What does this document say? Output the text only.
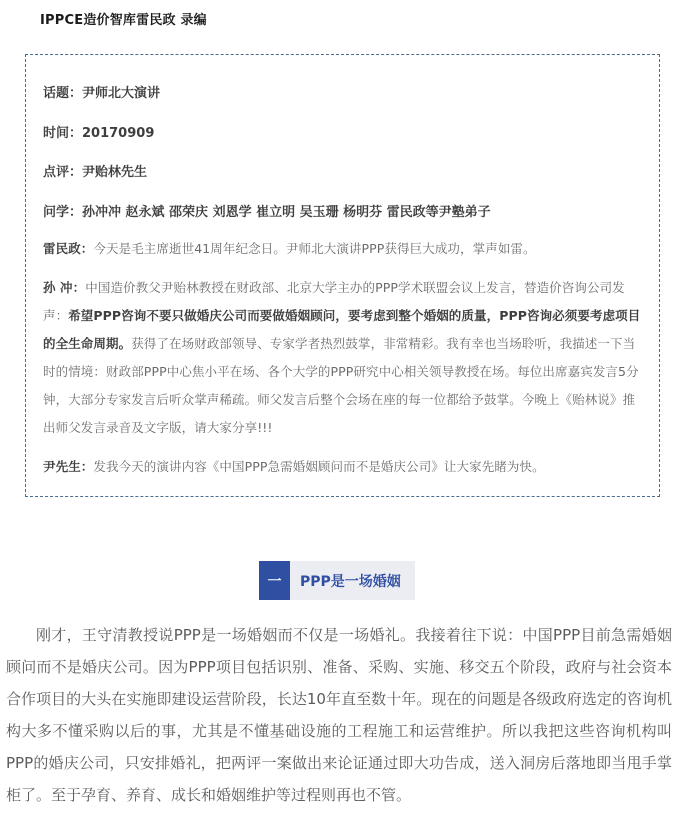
IPPCE造价智库雷民政 录编
话题：尹师北大演讲
时间：20170909
点评：尹贻林先生
问学：孙冲冲 赵永斌 邵荣庆 刘恩学 崔立明 吴玉珊 杨明芬 雷民政等尹塾弟子
雷民政：今天是毛主席逝世41周年纪念日。尹师北大演讲PPP获得巨大成功，掌声如雷。
孙 冲：中国造价教父尹贻林教授在财政部、北京大学主办的PPP学术联盟会议上发言，替造价咨询公司发声：希望PPP咨询不要只做婚庆公司而要做婚姻顾问，要考虑到整个婚姻的质量，PPP咨询必须要考虑项目的全生命周期。获得了在场财政部领导、专家学者热烈鼓掌，非常精彩。我有幸也当场聆听，我描述一下当时的情境：财政部PPP中心焦小平在场、各个大学的PPP研究中心相关领导教授在场。每位出席嘉宾发言5分钟，大部分专家发言后听众掌声稀疏。师父发言后整个会场在座的每一位都给予鼓掌。今晚上《贻林说》推出师父发言录音及文字版，请大家分享!!!
尹先生：发我今天的演讲内容《中国PPP急需婚姻顾问而不是婚庆公司》让大家先睹为快。
一	PPP是一场婚姻

刚才，王守清教授说PPP是一场婚姻而不仅是一场婚礼。我接着往下说：中国PPP目前急需婚姻顾问而不是婚庆公司。因为PPP项目包括识别、准备、采购、实施、移交五个阶段，政府与社会资本合作项目的大头在实施即建设运营阶段，长达10年直至数十年。现在的问题是各级政府选定的咨询机构大多不懂采购以后的事，尤其是不懂基础设施的工程施工和运营维护。所以我把这些咨询机构叫PPP的婚庆公司，只安排婚礼，把两评一案做出来论证通过即大功告成，送入洞房后落地即当甩手掌柜了。至于孕育、养育、成长和婚姻维护等过程则再也不管。
